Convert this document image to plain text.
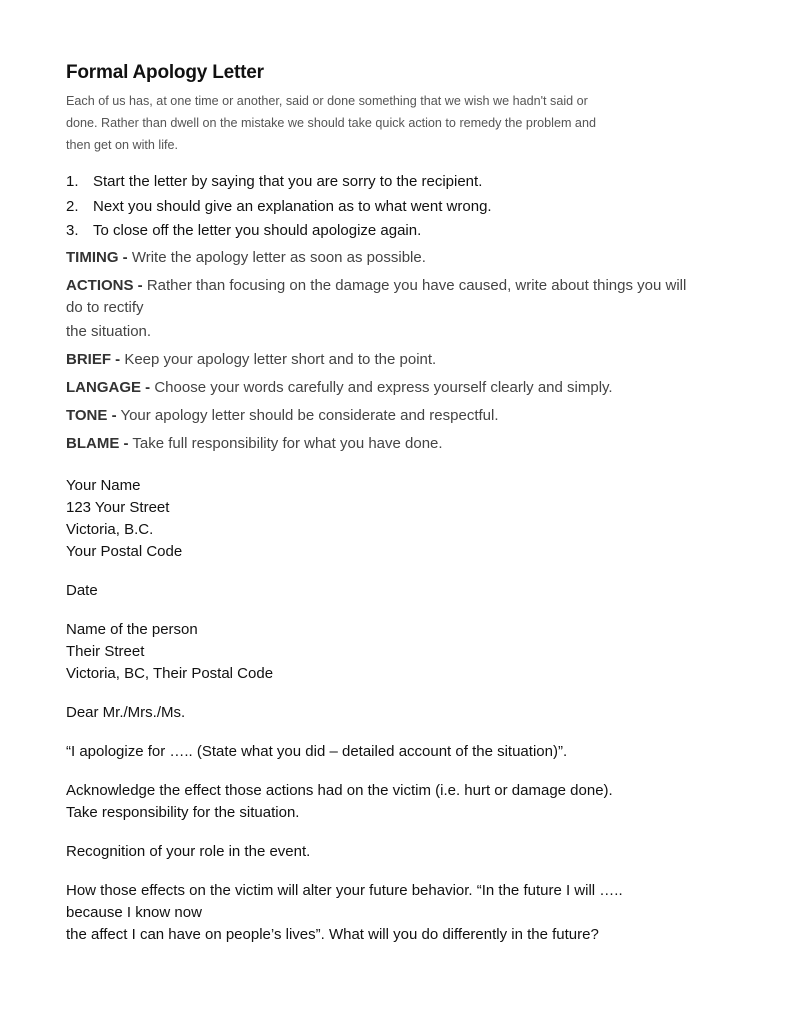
Formal Apology Letter
Each of us has, at one time or another, said or done something that we wish we hadn't said or
done. Rather than dwell on the mistake we should take quick action to remedy the problem and
then get on with life.
1. Start the letter by saying that you are sorry to the recipient.
2. Next you should give an explanation as to what went wrong.
3. To close off the letter you should apologize again.
TIMING - Write the apology letter as soon as possible.
ACTIONS - Rather than focusing on the damage you have caused, write about things you will do to rectify
the situation.
BRIEF - Keep your apology letter short and to the point.
LANGAGE - Choose your words carefully and express yourself clearly and simply.
TONE - Your apology letter should be considerate and respectful.
BLAME - Take full responsibility for what you have done.
Your Name
123 Your Street
Victoria, B.C.
Your Postal Code
Date
Name of the person
Their Street
Victoria, BC, Their Postal Code
Dear Mr./Mrs./Ms.
“I apologize for ….. (State what you did – detailed account of the situation)”.
Acknowledge the effect those actions had on the victim (i.e. hurt or damage done).
Take responsibility for the situation.
Recognition of your role in the event.
How those effects on the victim will alter your future behavior. “In the future I will …..
because I know now
the affect I can have on people’s lives”. What will you do differently in the future?
